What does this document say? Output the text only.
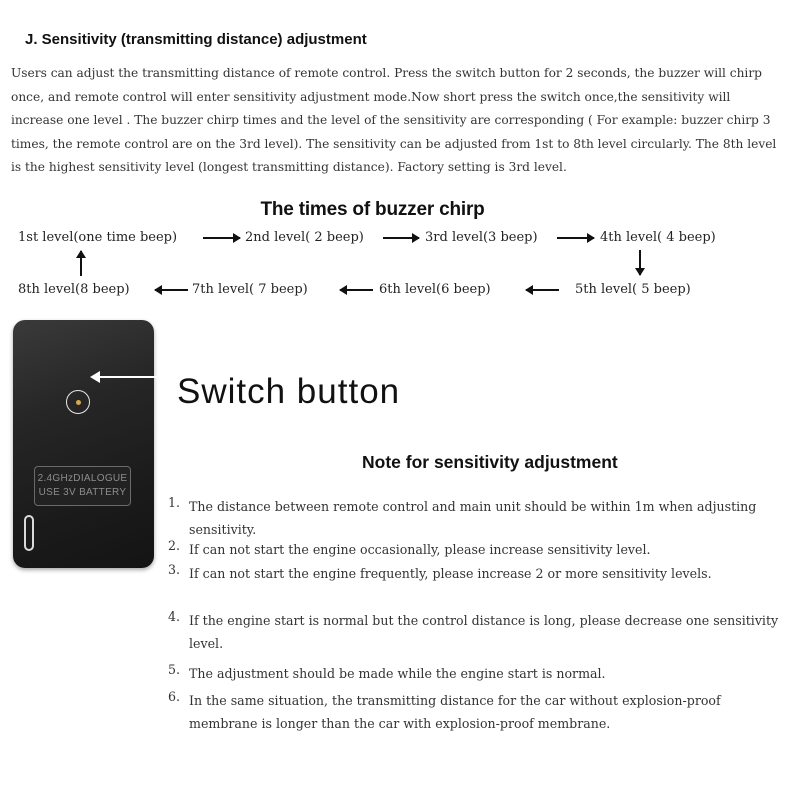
J. Sensitivity (transmitting distance) adjustment
Users can adjust the transmitting distance of remote control. Press the switch button for 2 seconds, the buzzer will chirp once, and remote control will enter sensitivity adjustment mode.Now short press the switch once,the sensitivity will increase one level . The buzzer chirp times and the level of the sensitivity are corresponding ( For example: buzzer chirp 3 times, the remote control are on the 3rd level). The sensitivity can be adjusted from 1st to 8th level circularly. The 8th level is the highest sensitivity level (longest transmitting distance). Factory setting is 3rd level.
The times of buzzer chirp
1st level(one time beep)	2nd level( 2 beep)	3rd level(3 beep)	4th level( 4 beep)
8th level(8 beep)	7th level( 7 beep)	6th level(6 beep)	5th level( 5 beep)
2.4GHzDIALOGUE
USE 3V BATTERY
Switch button
Note for sensitivity adjustment
1. The distance between remote control and main unit should be within 1m when adjusting sensitivity.
2. If can not start the engine occasionally, please increase sensitivity level.
3. If can not start the engine frequently, please increase 2 or more sensitivity levels.
4. If the engine start is normal but the control distance is long, please decrease one sensitivity level.
5. The adjustment should be made while the engine start is normal.
6. In the same situation, the transmitting distance for the car without explosion-proof membrane is longer than the car with explosion-proof membrane.
